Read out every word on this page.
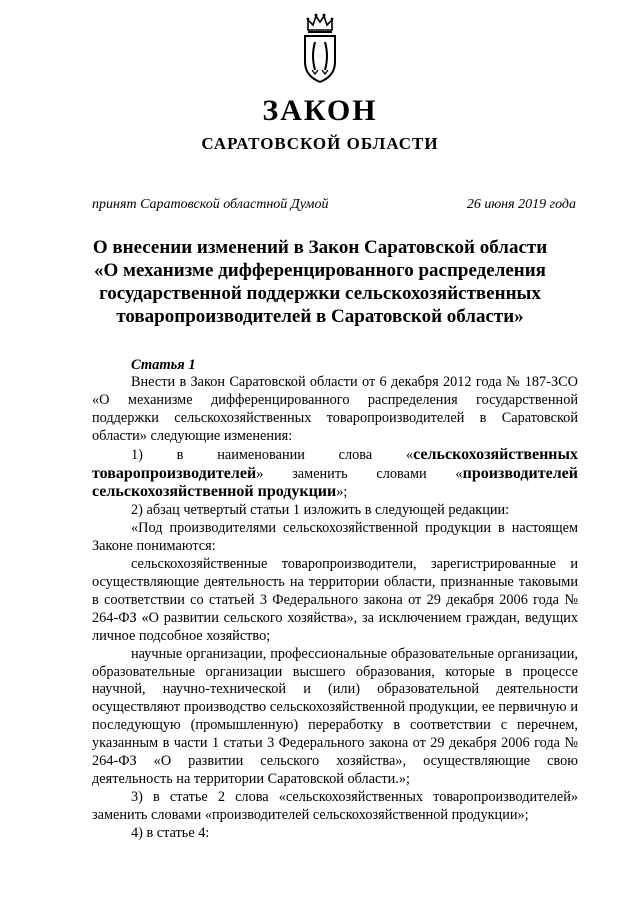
ЗАКОН
САРАТОВСКОЙ ОБЛАСТИ
принят Саратовской областной Думой	26 июня 2019 года
О внесении изменений в Закон Саратовской области
«О механизме дифференцированного распределения
государственной поддержки сельскохозяйственных
товаропроизводителей в Саратовской области»
Статья 1

Внести в Закон Саратовской области от 6 декабря 2012 года № 187-ЗСО «О механизме дифференцированного распределения государственной поддержки сельскохозяйственных товаропроизводителей в Саратовской области» следующие изменения:

1) в наименовании слова «сельскохозяйственных товаропроизводителей» заменить словами «производителей сельскохозяйственной продукции»;

2) абзац четвертый статьи 1 изложить в следующей редакции:

«Под производителями сельскохозяйственной продукции в настоящем Законе понимаются:

сельскохозяйственные товаропроизводители, зарегистрированные и осуществляющие деятельность на территории области, признанные таковыми в соответствии со статьей 3 Федерального закона от 29 декабря 2006 года № 264-ФЗ «О развитии сельского хозяйства», за исключением граждан, ведущих личное подсобное хозяйство;

научные организации, профессиональные образовательные организации, образовательные организации высшего образования, которые в процессе научной, научно-технической и (или) образовательной деятельности осуществляют производство сельскохозяйственной продукции, ее первичную и последующую (промышленную) переработку в соответствии с перечнем, указанным в части 1 статьи 3 Федерального закона от 29 декабря 2006 года № 264-ФЗ «О развитии сельского хозяйства», осуществляющие свою деятельность на территории Саратовской области.»;

3) в статье 2 слова «сельскохозяйственных товаропроизводителей» заменить словами «производителей сельскохозяйственной продукции»;

4) в статье 4:
